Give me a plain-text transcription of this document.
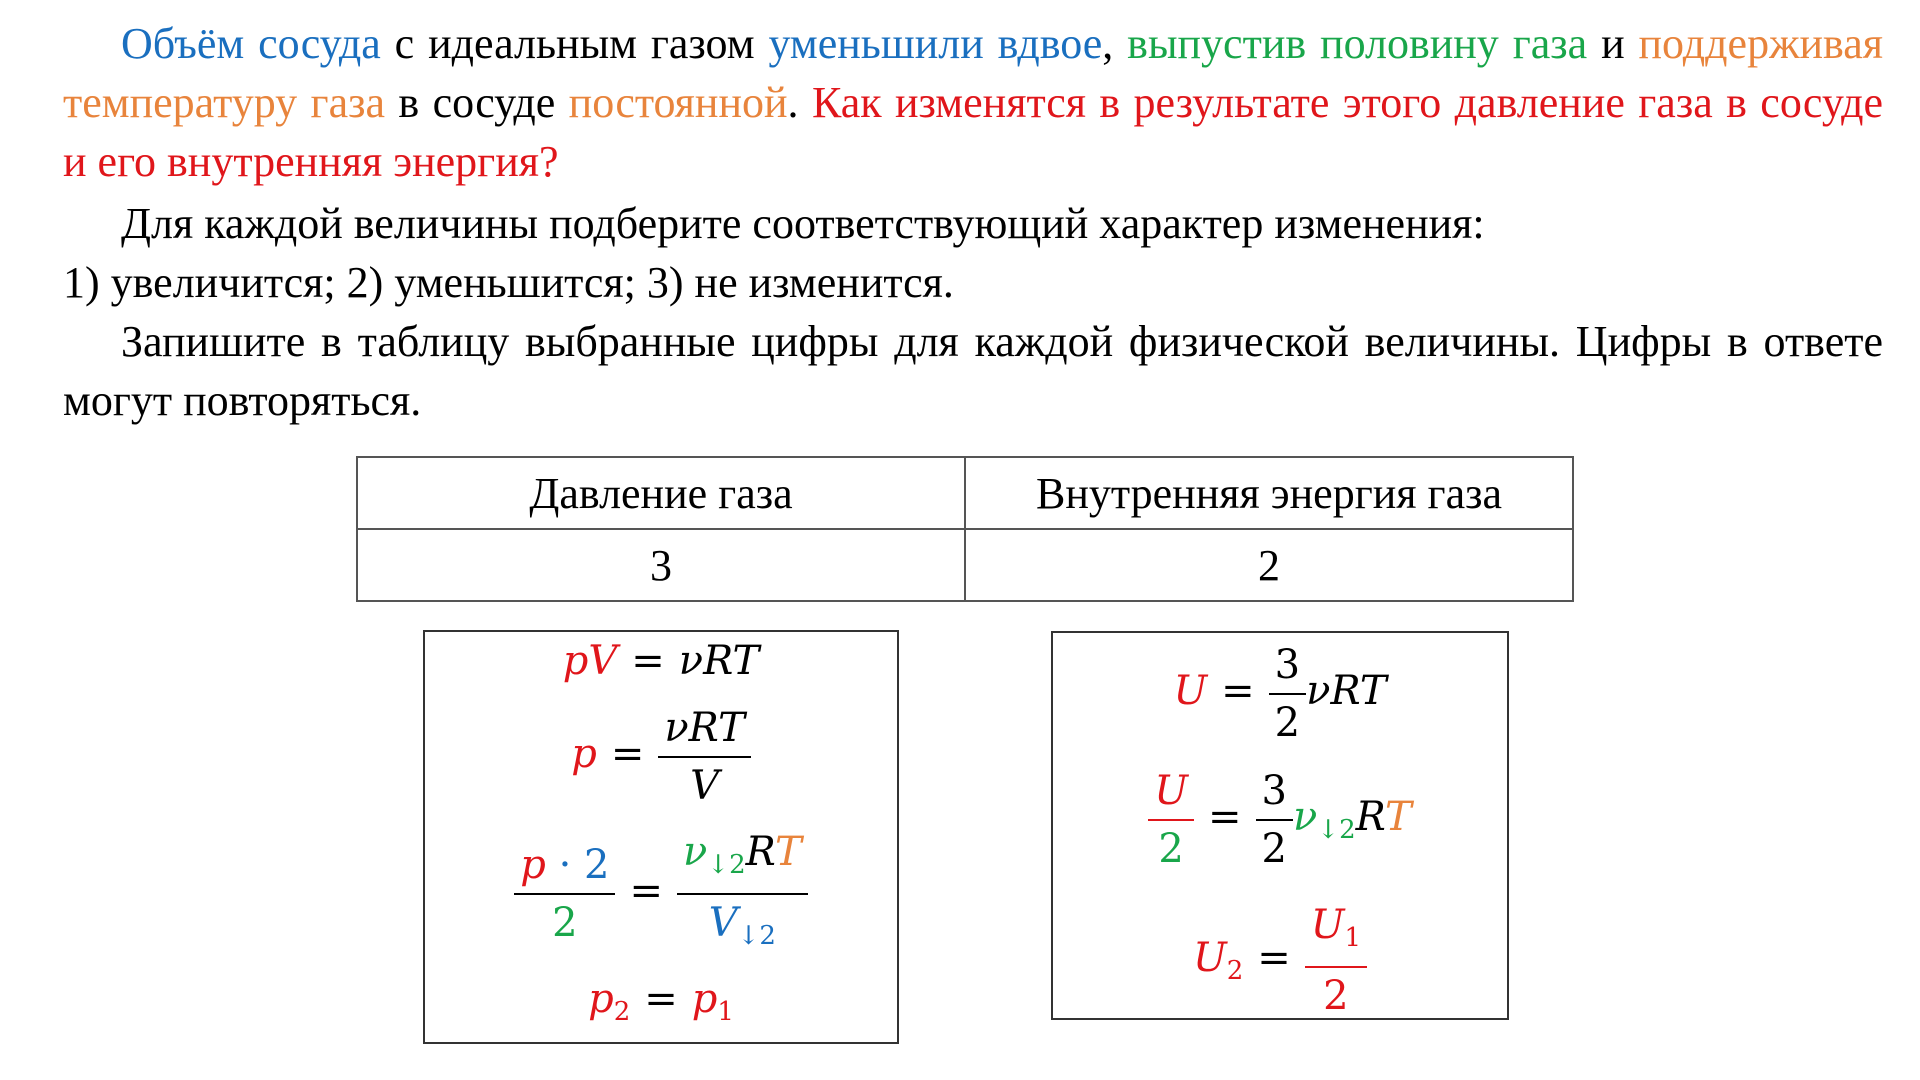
Объём сосуда с идеальным газом уменьшили вдвое, выпустив половину газа и поддерживая температуру газа в сосуде постоянной. Как изменятся в результате этого давление газа в сосуде и его внутренняя энергия?

Для каждой величины подберите соответствующий характер изменения:

1) увеличится; 2) уменьшится; 3) не изменится.

Запишите в таблицу выбранные цифры для каждой физической величины. Цифры в ответе могут повторяться.

Давление газа	Внутренняя энергия газа
3	2
pV = νRT
$p = \frac{\text{νRT}}{V}$
$\frac{p \cdot 2}{2} = \frac{\nu_{↓2}RT}{V_{↓2}}$
$p_2 = p_1$
$U = \frac{3}{2}$ νRT
$\frac{U}{2} = \frac{3}{2} \nu_{↓2}RT$
$U_2 = \frac{U_1}{2}$
